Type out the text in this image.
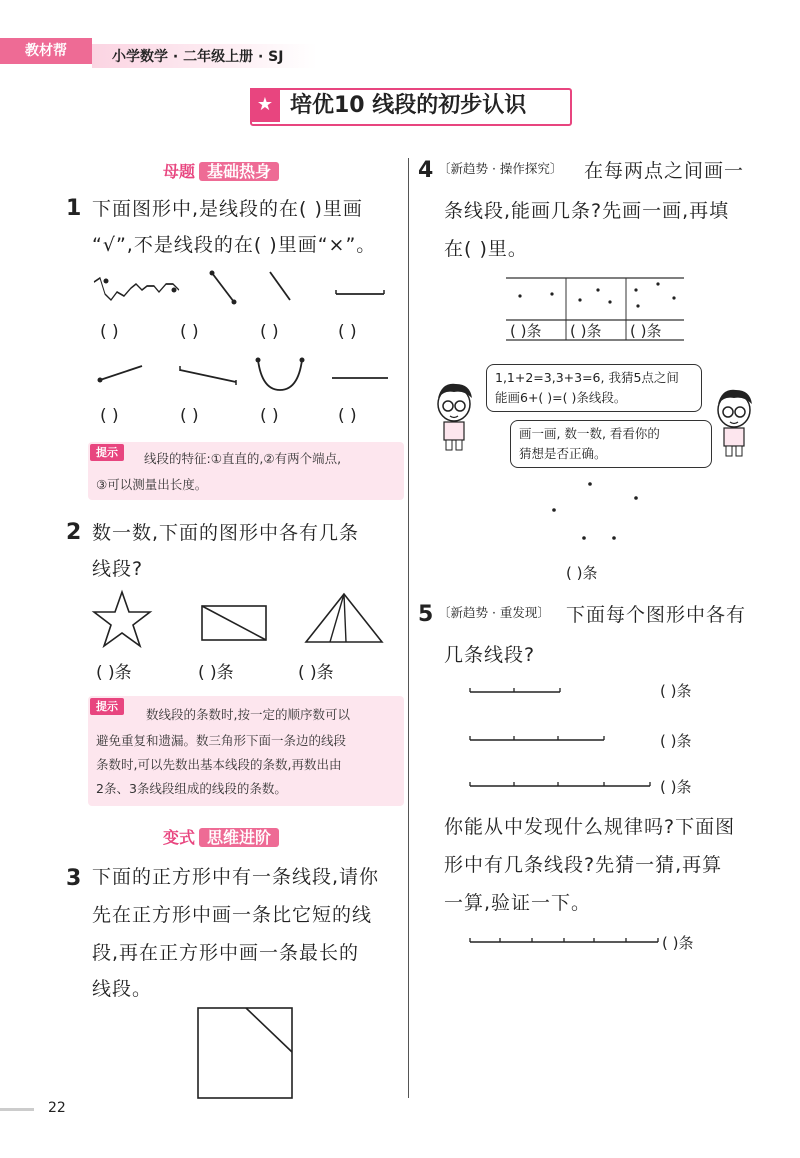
教材帮	小学数学 · 二年级上册 · SJ
★ 培优10 线段的初步认识
母题 基础热身
1 下面图形中,是线段的在( )里画
“√”,不是线段的在( )里画“×”。
( )	( )	( )	( )
( )	( )	( )	( )
提示	线段的特征:①直直的,②有两个端点,
③可以测量出长度。
2 数一数,下面的图形中各有几条
线段?
( )条	( )条	( )条
提示
数线段的条数时,按一定的顺序数可以
避免重复和遗漏。数三角形下面一条边的线段
条数时,可以先数出基本线段的条数,再数出由
2条、3条线段组成的线段的条数。
变式 思维进阶
3 下面的正方形中有一条线段,请你
先在正方形中画一条比它短的线
段,再在正方形中画一条最长的
线段。
4 〔新趋势 · 操作探究〕 在每两点之间画一
条线段,能画几条?先画一画,再填
在( )里。
( )条 ( )条 ( )条
1,1+2=3,3+3=6, 我猜5点之间
能画6+( )=( )条线段。
画一画, 数一数, 看看你的
猜想是否正确。
( )条
5 〔新趋势 · 重发现〕 下面每个图形中各有
几条线段?
( )条
( )条
( )条
你能从中发现什么规律吗?下面图
形中有几条线段?先猜一猜,再算
一算,验证一下。
( )条
22
